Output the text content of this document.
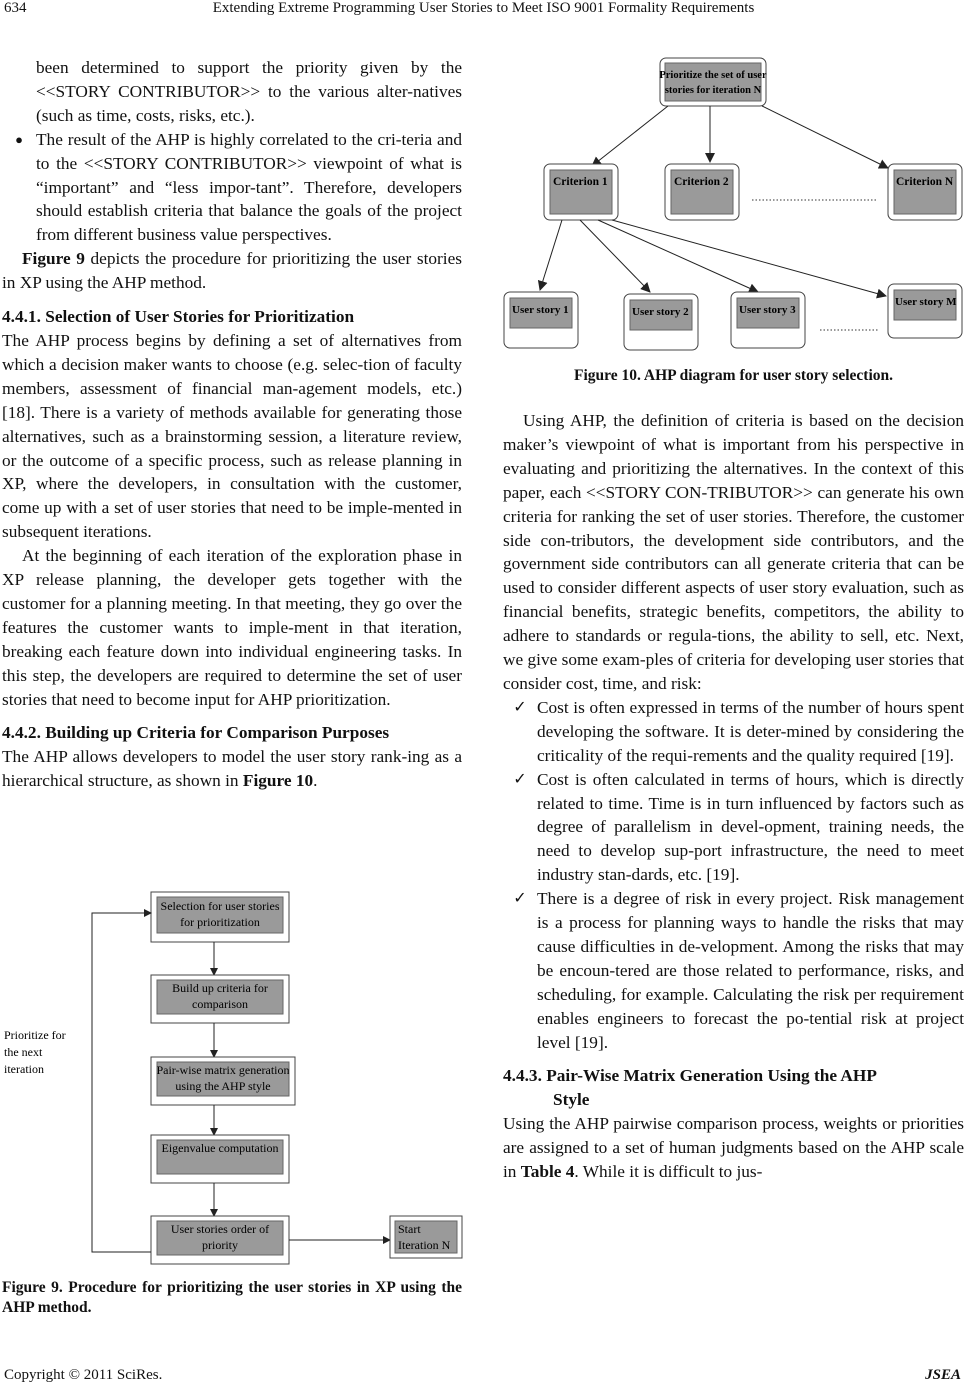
634	Extending Extreme Programming User Stories to Meet ISO 9001 Formality Requirements

been determined to support the priority given by the <<STORY CONTRIBUTOR>> to the various alter-natives (such as time, costs, risks, etc.).

● The result of the AHP is highly correlated to the cri-teria and to the <<STORY CONTRIBUTOR>> viewpoint of what is “important” and “less impor-tant”. Therefore, developers should establish criteria that balance the goals of the project from different business value perspectives.

Figure 9 depicts the procedure for prioritizing the user stories in XP using the AHP method.

4.4.1. Selection of User Stories for Prioritization

The AHP process begins by defining a set of alternatives from which a decision maker wants to choose (e.g. selec-tion of faculty members, assessment of financial man-agement models, etc.) [18]. There is a variety of methods available for generating those alternatives, such as a brainstorming session, a literature review, or the outcome of a specific process, such as release planning in XP, where the developers, in consultation with the customer, come up with a set of user stories that need to be imple-mented in subsequent iterations.

At the beginning of each iteration of the exploration phase in XP release planning, the developer gets together with the customer for a planning meeting. In that meeting, they go over the features the customer wants to imple-ment in that iteration, breaking each feature down into individual engineering tasks. In this step, the developers are required to determine the set of user stories that need to become input for AHP prioritization.

4.4.2. Building up Criteria for Comparison Purposes

The AHP allows developers to model the user story rank-ing as a hierarchical structure, as shown in Figure 10.

Selection for user stories
for prioritization
Build up criteria for
comparison
Pair-wise matrix generation
using the AHP style
Eigenvalue computation
User stories order of
priority
Start
Iteration N
Prioritize for
the next
iteration
Figure 9. Procedure for prioritizing the user stories in XP using the AHP method.
Prioritize the set of user
stories for iteration N
Criterion 1	Criterion 2	Criterion N
User story 1	User story 2	User story 3
User story M
Figure 10. AHP diagram for user story selection.

Using AHP, the definition of criteria is based on the decision maker’s viewpoint of what is important from his perspective in evaluating and prioritizing the alternatives. In the context of this paper, each <<STORY CON-TRIBUTOR>> can generate his own criteria for ranking the set of user stories. Therefore, the customer side con-tributors, the development side contributors, and the government side contributors can all generate criteria that can be used to consider different aspects of user story evaluation, such as financial benefits, strategic benefits, competitors, the ability to adhere to standards or regula-tions, the ability to sell, etc. Next, we give some exam-ples of criteria for developing user stories that consider cost, time, and risk:

✓ Cost is often expressed in terms of the number of hours spent developing the software. It is deter-mined by considering the criticality of the requi-rements and the quality required [19].
✓ Cost is often calculated in terms of hours, which is directly related to time. Time is in turn influenced by factors such as degree of parallelism in devel-opment, training needs, the need to develop sup-port infrastructure, the need to meet industry stan-dards, etc. [19].
✓ There is a degree of risk in every project. Risk management is a process for planning ways to handle the risks that may cause difficulties in de-velopment. Among the risks that may be encoun-tered are those related to performance, risks, and scheduling, for example. Calculating the risk per requirement enables engineers to forecast the po-tential risk at project level [19].

4.4.3. Pair-Wise Matrix Generation Using the AHP

Style

Using the AHP pairwise comparison process, weights or priorities are assigned to a set of human judgments based on the AHP scale in Table 4. While it is difficult to jus-

Copyright © 2011 SciRes.	JSEA
